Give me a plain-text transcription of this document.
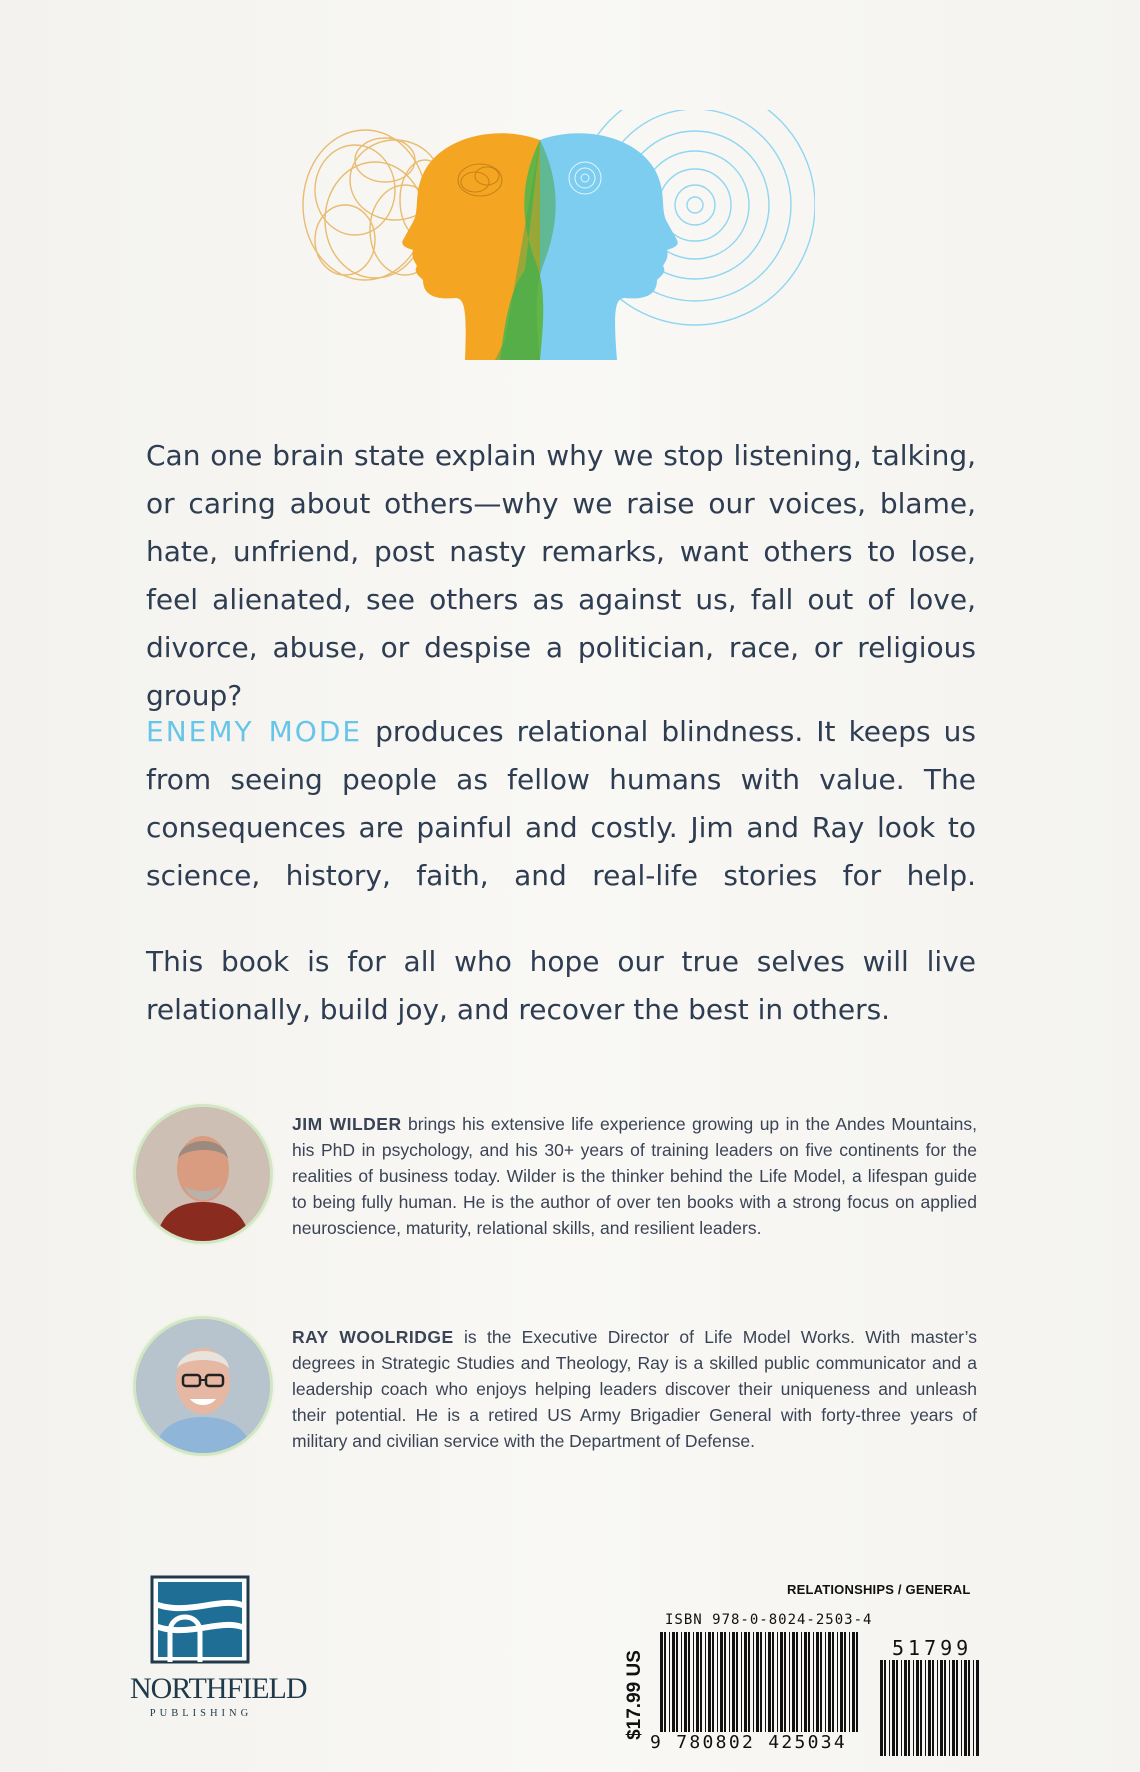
Can one brain state explain why we stop listening, talking, or caring about others—why we raise our voices, blame, hate, unfriend, post nasty remarks, want others to lose, feel alienated, see others as against us, fall out of love, divorce, abuse, or despise a politician, race, or religious group?

ENEMY MODE produces relational blindness. It keeps us from seeing people as fellow humans with value. The consequences are painful and costly. Jim and Ray look to science, history, faith, and real-life stories for help.

This book is for all who hope our true selves will live relationally, build joy, and recover the best in others.

JIM WILDER brings his extensive life experience growing up in the Andes Mountains, his PhD in psychology, and his 30+ years of training leaders on five continents for the realities of business today. Wilder is the thinker behind the Life Model, a lifespan guide to being fully human. He is the author of over ten books with a strong focus on applied neuroscience, maturity, relational skills, and resilient leaders.

RAY WOOLRIDGE is the Executive Director of Life Model Works. With master’s degrees in Strategic Studies and Theology, Ray is a skilled public communicator and a leadership coach who enjoys helping leaders discover their uniqueness and unleash their potential. He is a retired US Army Brigadier General with forty-three years of military and civilian service with the Department of Defense.

NORTHFIELD
PUBLISHING
RELATIONSHIPS / GENERAL
$17.99 US
ISBN 978-0-8024-2503-4
9 780802 425034
51799
